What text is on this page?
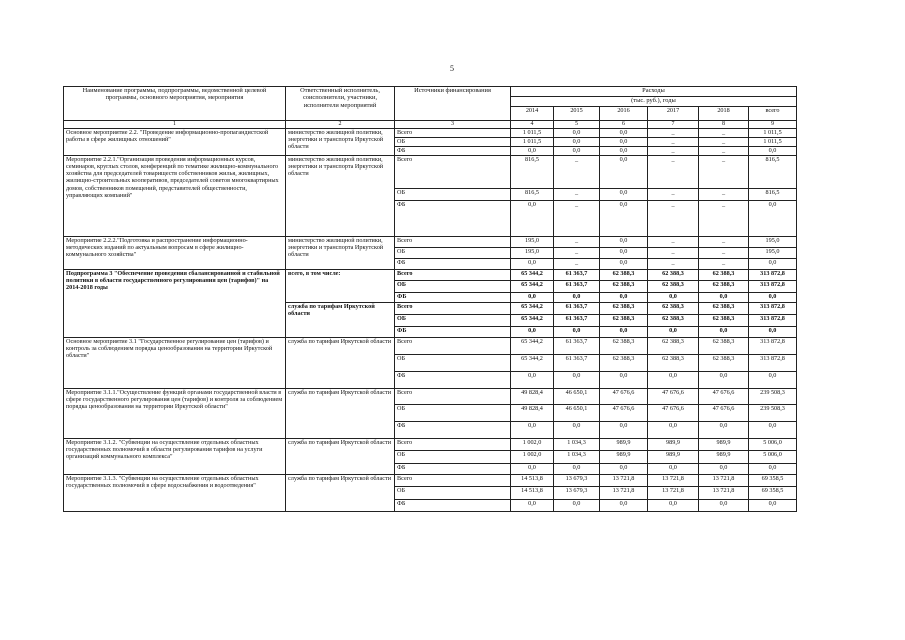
5
Наименование программы, подпрограммы, ведомственной целевой программы, основного мероприятия, мероприятия	Ответственный исполнитель, соисполнители, участники, исполнители мероприятий	Источники финансирования	Расходы					
			(тыс. руб.), годы					
			2014	2015	2016	2017	2018	всего
1	2	3	4	5	6	7	8	9
Основное мероприятие 2.2. "Проведение информационно-пропагандистской работы в сфере жилищных отношений"	министерство жилищной политики, энергетики и транспорта Иркутской области	Всего	1 011,5	0,0	0,0	_	_	1 011,5
		ОБ	1 011,5	0,0	0,0	_	_	1 011,5
		ФБ	0,0	0,0	0,0	_	_	0,0
Мероприятие 2.2.1."Организация проведения информационных курсов, семинаров, круглых столов, конференций по тематике жилищно-коммунального хозяйства для председателей товариществ собственников жилья, жилищных, жилищно-строительных кооперативов, председателей советов многоквартирных домов, собственников помещений, представителей общественности, управляющих компаний"	министерство жилищной политики, энергетики и транспорта Иркутской области	Всего	816,5	_	0,0	_	_	816,5
		ОБ	816,5	_	0,0	_	_	816,5
		ФБ	0,0	_	0,0	_	_	0,0
Мероприятие 2.2.2."Подготовка и распространение информационно-методических изданий по актуальным вопросам в сфере жилищно-коммунального хозяйства"	министерство жилищной политики, энергетики и транспорта Иркутской области	Всего	195,0	_	0,0	_	_	195,0
		ОБ	195,0	_	0,0	_	_	195,0
		ФБ	0,0	_	0,0	_	_	0,0
Подпрограмма 3 "Обеспечение проведения сбалансированной и стабильной политики в области государственного регулирования цен (тарифов)" на 2014-2018 годы	всего, в том числе:	Всего	65 344,2	61 363,7	62 388,3	62 388,3	62 388,3	313 872,8
		ОБ	65 344,2	61 363,7	62 388,3	62 388,3	62 388,3	313 872,8
		ФБ	0,0	0,0	0,0	0,0	0,0	0,0
	служба по тарифам Иркутской области	Всего	65 344,2	61 363,7	62 388,3	62 388,3	62 388,3	313 872,8
		ОБ	65 344,2	61 363,7	62 388,3	62 388,3	62 388,3	313 872,8
		ФБ	0,0	0,0	0,0	0,0	0,0	0,0
Основное мероприятие 3.1 "Государственное регулирование цен (тарифов) и контроль за соблюдением порядка ценообразования на территории Иркутской области"	служба по тарифам Иркутской области	Всего	65 344,2	61 363,7	62 388,3	62 388,3	62 388,3	313 872,8
		ОБ	65 344,2	61 363,7	62 388,3	62 388,3	62 388,3	313 872,8
		ФБ	0,0	0,0	0,0	0,0	0,0	0,0
Мероприятие 3.1.1."Осуществление функций органами государственной власти в сфере государственного регулирования цен (тарифов) и контроля за соблюдением порядка ценообразования на территории Иркутской области"	служба по тарифам Иркутской области	Всего	49 828,4	46 650,1	47 676,6	47 676,6	47 676,6	239 508,3
		ОБ	49 828,4	46 650,1	47 676,6	47 676,6	47 676,6	239 508,3
		ФБ	0,0	0,0	0,0	0,0	0,0	0,0
Мероприятие 3.1.2. "Субвенции на осуществление отдельных областных государственных полномочий в области регулирования тарифов на услуги организаций коммунального комплекса"	служба по тарифам Иркутской области	Всего	1 002,0	1 034,3	989,9	989,9	989,9	5 006,0
		ОБ	1 002,0	1 034,3	989,9	989,9	989,9	5 006,0
		ФБ	0,0	0,0	0,0	0,0	0,0	0,0
Мероприятие 3.1.3. "Субвенции на осуществление отдельных областных государственных полномочий в сфере водоснабжения и водоотведения"	служба по тарифам Иркутской области	Всего	14 513,8	13 679,3	13 721,8	13 721,8	13 721,8	69 358,5
		ОБ	14 513,8	13 679,3	13 721,8	13 721,8	13 721,8	69 358,5
		ФБ	0,0	0,0	0,0	0,0	0,0	0,0
